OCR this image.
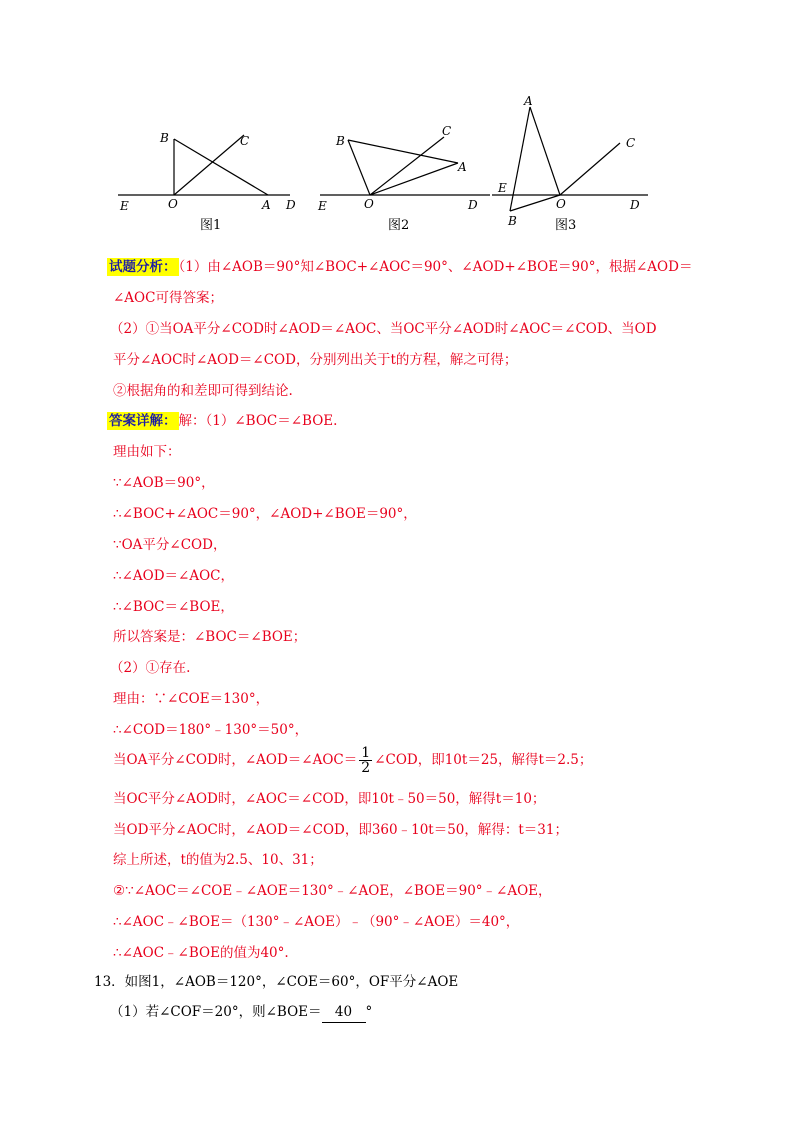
B	C
E	O	A D
图1
B
C
A
E	O	D
图2
A
C
E
B
O	D
图3
试题分析： （1）由∠AOB＝90°知∠BOC+∠AOC＝90°、∠AOD+∠BOE＝90°，根据∠AOD＝
∠AOC可得答案；
（2）①当OA平分∠COD时∠AOD＝∠AOC、当OC平分∠AOD时∠AOC＝∠COD、当OD
平分∠AOC时∠AOD＝∠COD，分别列出关于t的方程，解之可得；
②根据角的和差即可得到结论.
答案详解： 解：（1）∠BOC＝∠BOE.
理由如下：
∵∠AOB＝90°，
∴∠BOC+∠AOC＝90°，∠AOD+∠BOE＝90°，
∵OA平分∠COD，
∴∠AOD＝∠AOC，
∴∠BOC＝∠BOE，
所以答案是：∠BOC＝∠BOE；
（2）①存在.
理由：∵∠COE＝130°，
∴∠COD＝180°﹣130°＝50°，
当OA平分∠COD时，∠AOD＝∠AOC＝ $\frac{1}{2}$ ∠COD，即10t＝25，解得t＝2.5；
当OC平分∠AOD时，∠AOC＝∠COD，即10t﹣50＝50，解得t＝10；
当OD平分∠AOC时，∠AOD＝∠COD，即360﹣10t＝50，解得：t＝31；
综上所述，t的值为2.5、10、31；
②∵∠AOC＝∠COE﹣∠AOE＝130°﹣∠AOE，∠BOE＝90°﹣∠AOE，
∴∠AOC﹣∠BOE＝（130°﹣∠AOE）﹣（90°﹣∠AOE）＝40°，
∴∠AOC﹣∠BOE的值为40°.
13．如图1，∠AOB＝120°，∠COE＝60°，OF平分∠AOE
（1）若∠COF＝20°，则∠BOE＝ 40 °
